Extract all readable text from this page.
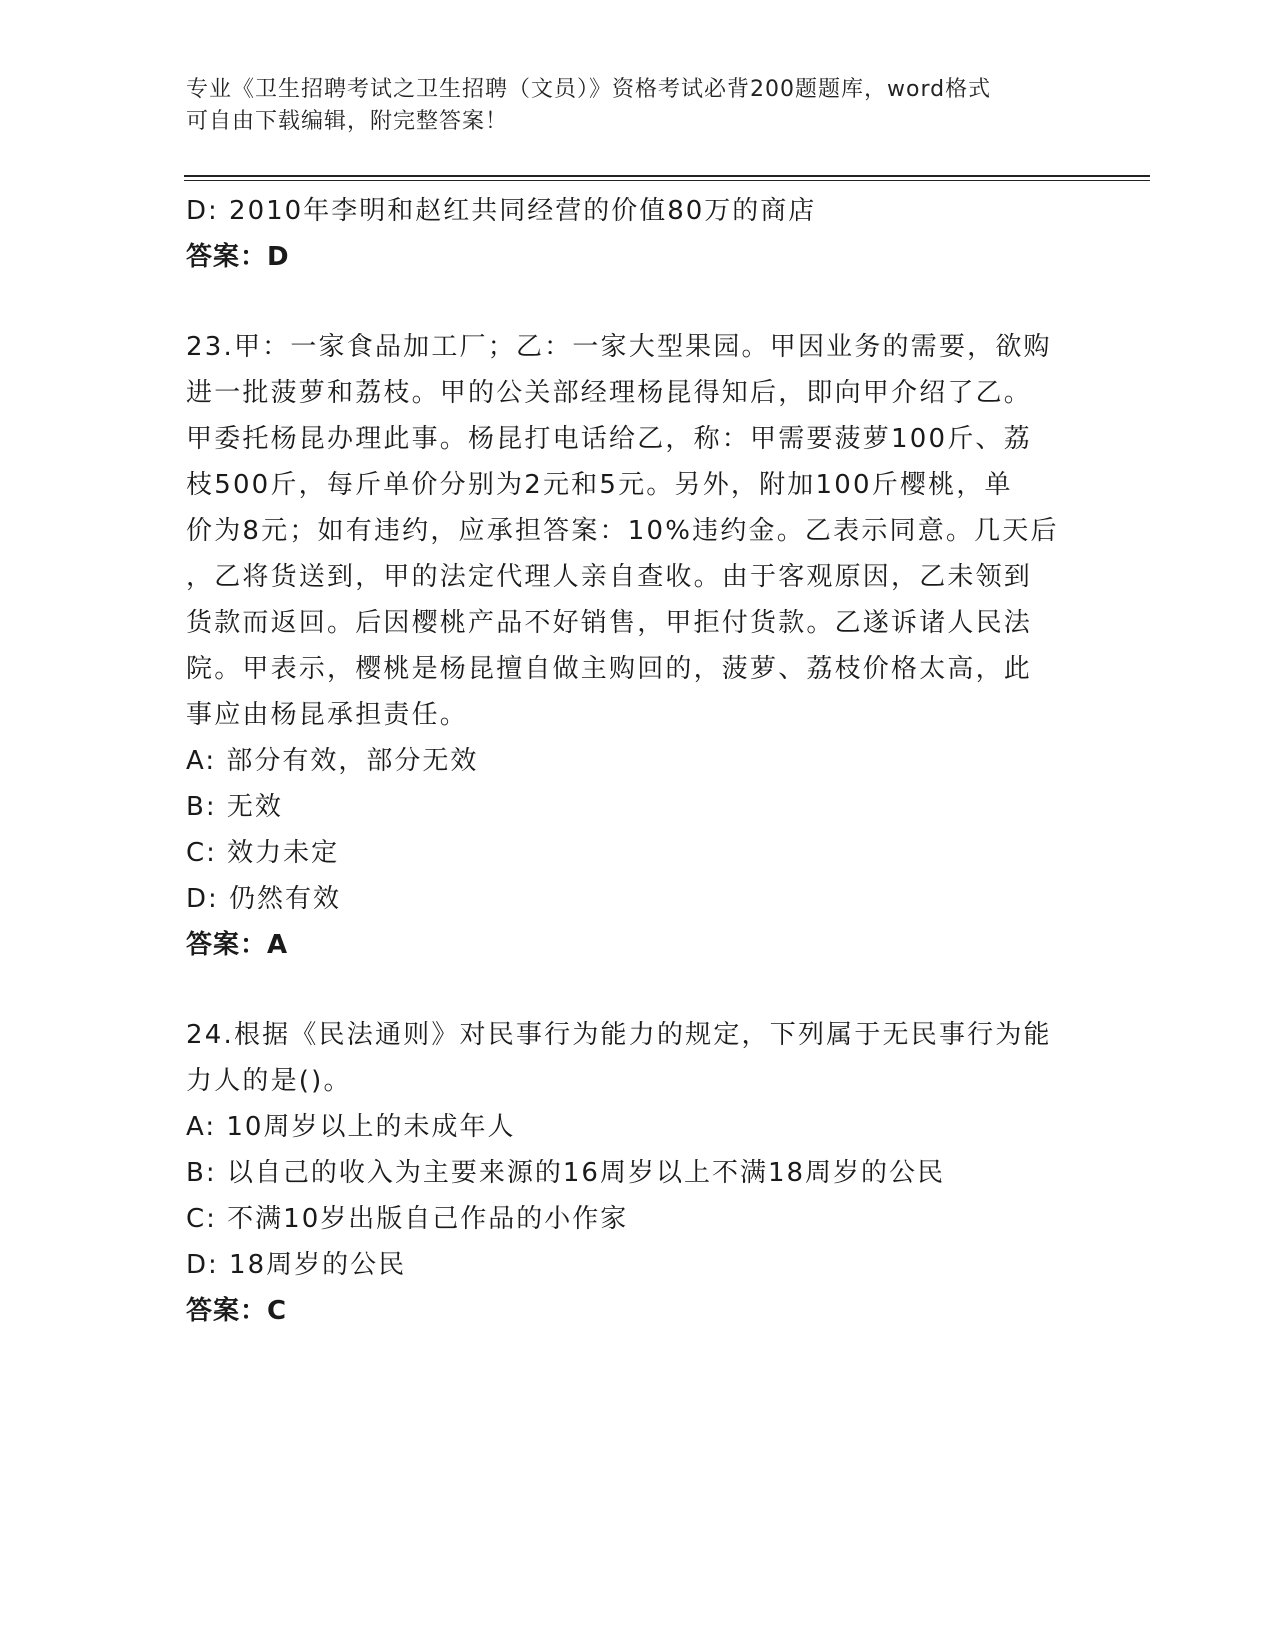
专业《卫生招聘考试之卫生招聘（文员）》资格考试必背200题题库，word格式
可自由下载编辑，附完整答案！
D: 2010年李明和赵红共同经营的价值80万的商店
答案：D
23.甲：一家食品加工厂；乙：一家大型果园。甲因业务的需要，欲购
进一批菠萝和荔枝。甲的公关部经理杨昆得知后，即向甲介绍了乙。
甲委托杨昆办理此事。杨昆打电话给乙，称：甲需要菠萝100斤、荔
枝500斤，每斤单价分别为2元和5元。另外，附加100斤樱桃，单
价为8元；如有违约，应承担答案：10%违约金。乙表示同意。几天后
，乙将货送到，甲的法定代理人亲自查收。由于客观原因，乙未领到
货款而返回。后因樱桃产品不好销售，甲拒付货款。乙遂诉诸人民法
院。甲表示，樱桃是杨昆擅自做主购回的，菠萝、荔枝价格太高，此
事应由杨昆承担责任。
A: 部分有效，部分无效
B: 无效
C: 效力未定
D: 仍然有效
答案：A
24.根据《民法通则》对民事行为能力的规定，下列属于无民事行为能
力人的是()。
A: 10周岁以上的未成年人
B: 以自己的收入为主要来源的16周岁以上不满18周岁的公民
C: 不满10岁出版自己作品的小作家
D: 18周岁的公民
答案：C
